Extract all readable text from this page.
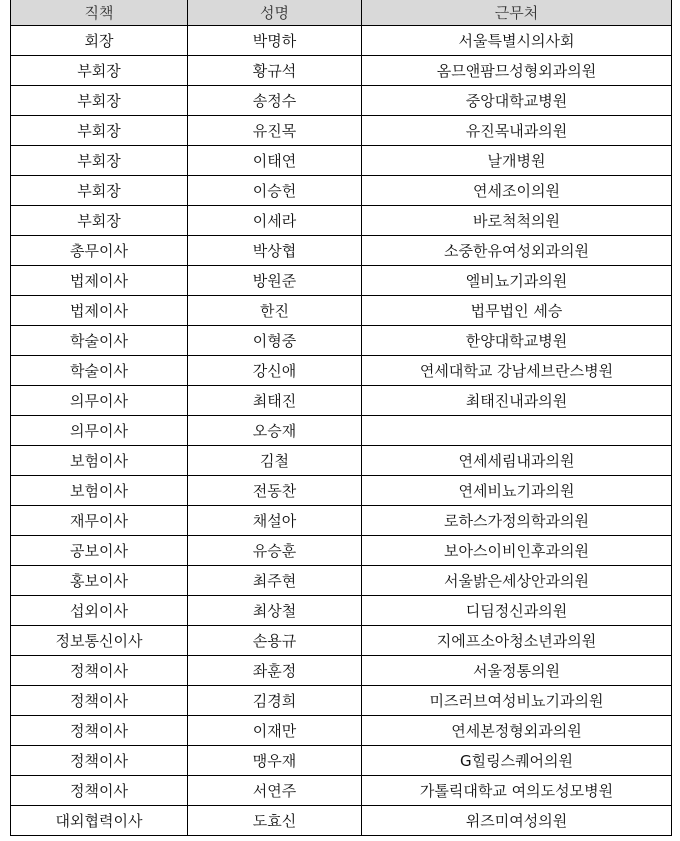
직책	성명	근무처
회장	박명하	서울특별시의사회
부회장	황규석	옴므앤팜므성형외과의원
부회장	송정수	중앙대학교병원
부회장	유진목	유진목내과의원
부회장	이태연	날개병원
부회장	이승헌	연세조이의원
부회장	이세라	바로척척의원
총무이사	박상협	소중한유여성외과의원
법제이사	방원준	엘비뇨기과의원
법제이사	한진	법무법인 세승
학술이사	이형중	한양대학교병원
학술이사	강신애	연세대학교 강남세브란스병원
의무이사	최태진	최태진내과의원
의무이사	오승재	
보험이사	김철	연세세림내과의원
보험이사	전동찬	연세비뇨기과의원
재무이사	채설아	로하스가정의학과의원
공보이사	유승훈	보아스이비인후과의원
홍보이사	최주현	서울밝은세상안과의원
섭외이사	최상철	디딤정신과의원
정보통신이사	손용규	지에프소아청소년과의원
정책이사	좌훈정	서울정통의원
정책이사	김경희	미즈러브여성비뇨기과의원
정책이사	이재만	연세본정형외과의원
정책이사	맹우재	G힐링스퀘어의원
정책이사	서연주	가톨릭대학교 여의도성모병원
대외협력이사	도효신	위즈미여성의원
